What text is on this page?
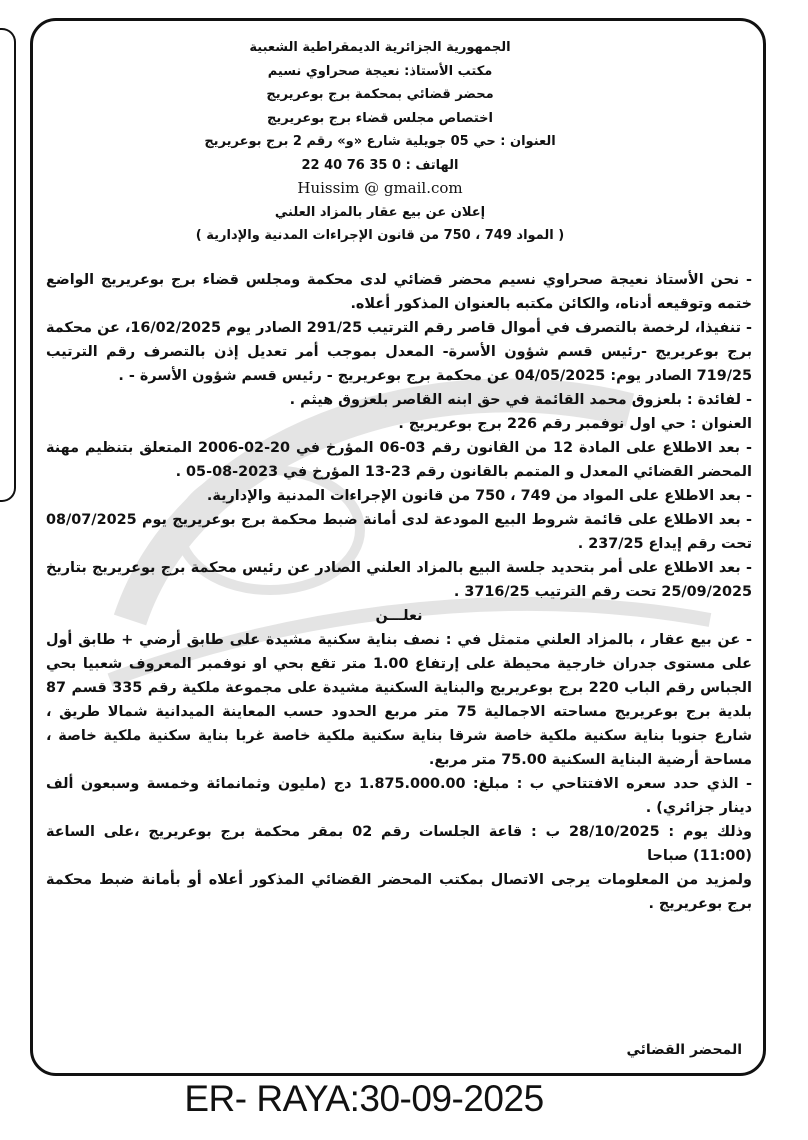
الجمهورية الجزائرية الديمقراطية الشعبية
مكتب الأستاذ: نعيجة صحراوي نسيم
محضر قضائي بمحكمة برج بوعريريج
اختصاص مجلس قضاء برج بوعريريج
العنوان : حي 05 جويلية شارع «و» رقم 2 برج بوعريريج
الهاتف : 0 35 76 40 22
Huissim @ gmail.com
إعلان عن بيع عقار بالمزاد العلني
( المواد 749 ، 750 من قانون الإجراءات المدنية والإدارية )

- نحن الأستاذ نعيجة صحراوي نسيم محضر قضائي لدى محكمة ومجلس قضاء برج بوعريريج الواضع ختمه وتوقيعه أدناه، والكائن مكتبه بالعنوان المذكور أعلاه.

- تنفيذا، لرخصة بالتصرف في أموال قاصر رقم الترتيب 291/25 الصادر يوم 16/02/2025، عن محكمة برج بوعريريج -رئيس قسم شؤون الأسرة- المعدل بموجب أمر تعديل إذن بالتصرف رقم الترتيب 719/25 الصادر يوم: 04/05/2025 عن محكمة برج بوعريريج - رئيس قسم شؤون الأسرة - .

- لفائدة : بلعزوق محمد القائمة في حق ابنه القاصر بلعزوق هيثم .

العنوان : حي اول نوفمبر رقم 226 برج بوعريريج .

- بعد الاطلاع على المادة 12 من القانون رقم 03-06 المؤرخ في 20-02-2006 المتعلق بتنظيم مهنة المحضر القضائي المعدل و المتمم بالقانون رقم 23-13 المؤرخ في 2023-08-05 .

- بعد الاطلاع على المواد من 749 ، 750 من قانون الإجراءات المدنية والإدارية.

- بعد الاطلاع على قائمة شروط البيع المودعة لدى أمانة ضبط محكمة برج بوعريريج يوم 08/07/2025 تحت رقم إيداع 237/25 .

- بعد الاطلاع على أمر بتحديد جلسة البيع بالمزاد العلني الصادر عن رئيس محكمة برج بوعريريج بتاريخ 25/09/2025 تحت رقم الترتيب 3716/25 .

نعلـــن

- عن بيع عقار ، بالمزاد العلني متمثل في : نصف بناية سكنية مشيدة على طابق أرضي + طابق أول على مستوى جدران خارجية محيطة على إرتفاع 1.00 متر تقع بحي او نوفمبر المعروف شعبيا بحي الجباس رقم الباب 220 برج بوعريريج والبناية السكنية مشيدة على مجموعة ملكية رقم 335 قسم 87 بلدية برج بوعريريج مساحته الاجمالية 75 متر مربع الحدود حسب المعاينة الميدانية شمالا طريق ، شارع جنوبا بناية سكنية ملكية خاصة شرقا بناية سكنية ملكية خاصة غربا بناية سكنية ملكية خاصة ، مساحة أرضية البناية السكنية 75.00 متر مربع.

- الذي حدد سعره الافتتاحي ب : مبلغ: 1.875.000.00 دج (مليون وثمانمائة وخمسة وسبعون ألف دينار جزائري) .

وذلك يوم : 28/10/2025 ب : قاعة الجلسات رقم 02 بمقر محكمة برج بوعريريج ،على الساعة (11:00) صباحا

ولمزيد من المعلومات يرجى الاتصال بمكتب المحضر القضائي المذكور أعلاه أو بأمانة ضبط محكمة برج بوعريريج .

المحضر القضائي
ER- RAYA:30-09-2025
